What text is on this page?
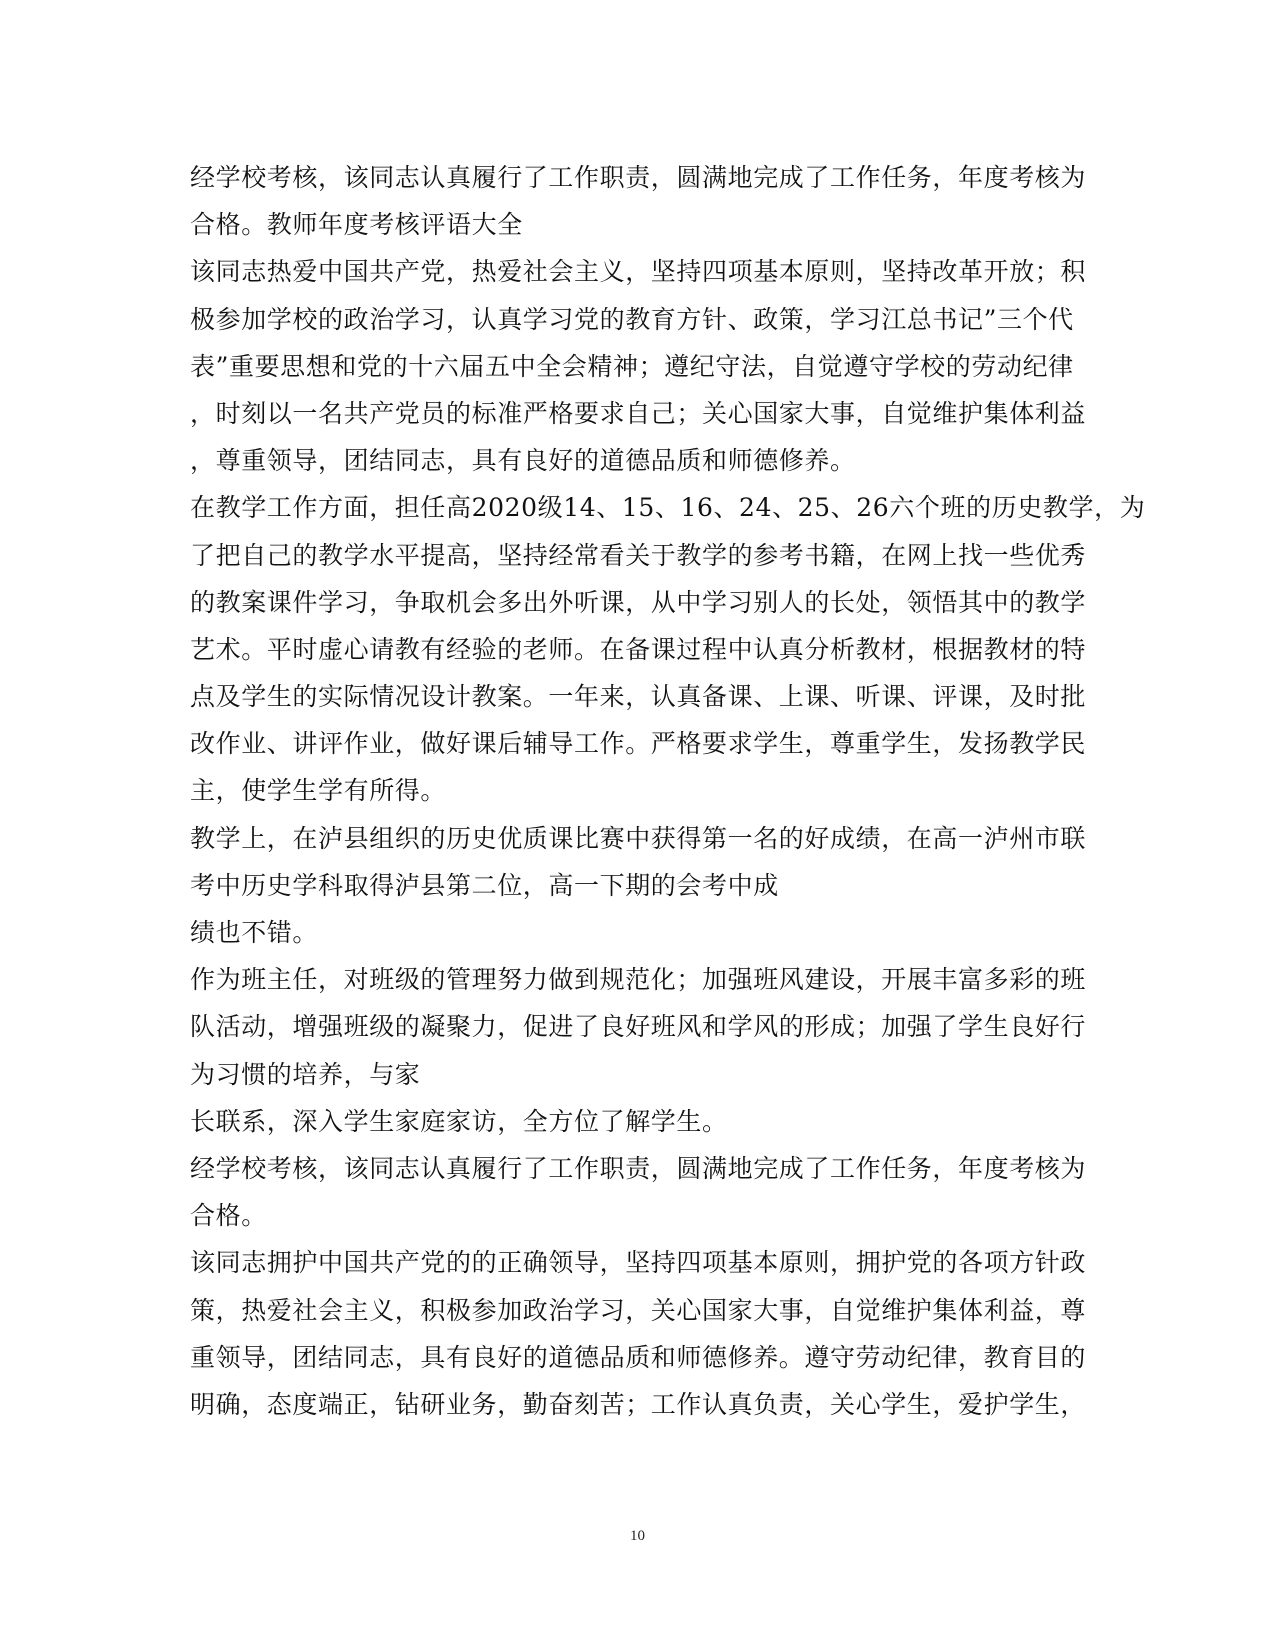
经学校考核，该同志认真履行了工作职责，圆满地完成了工作任务，年度考核为
合格。教师年度考核评语大全
该同志热爱中国共产党，热爱社会主义，坚持四项基本原则，坚持改革开放；积
极参加学校的政治学习，认真学习党的教育方针、政策，学习江总书记”三个代
表”重要思想和党的十六届五中全会精神；遵纪守法，自觉遵守学校的劳动纪律
，时刻以一名共产党员的标准严格要求自己；关心国家大事，自觉维护集体利益
，尊重领导，团结同志，具有良好的道德品质和师德修养。
在教学工作方面，担任高2020级14、15、16、24、25、26六个班的历史教学，为
了把自己的教学水平提高，坚持经常看关于教学的参考书籍，在网上找一些优秀
的教案课件学习，争取机会多出外听课，从中学习别人的长处，领悟其中的教学
艺术。平时虚心请教有经验的老师。在备课过程中认真分析教材，根据教材的特
点及学生的实际情况设计教案。一年来，认真备课、上课、听课、评课，及时批
改作业、讲评作业，做好课后辅导工作。严格要求学生，尊重学生，发扬教学民
主，使学生学有所得。
教学上，在泸县组织的历史优质课比赛中获得第一名的好成绩，在高一泸州市联
考中历史学科取得泸县第二位，高一下期的会考中成
绩也不错。
作为班主任，对班级的管理努力做到规范化；加强班风建设，开展丰富多彩的班
队活动，增强班级的凝聚力，促进了良好班风和学风的形成；加强了学生良好行
为习惯的培养，与家
长联系，深入学生家庭家访，全方位了解学生。
经学校考核，该同志认真履行了工作职责，圆满地完成了工作任务，年度考核为
合格。
该同志拥护中国共产党的的正确领导，坚持四项基本原则，拥护党的各项方针政
策，热爱社会主义，积极参加政治学习，关心国家大事，自觉维护集体利益，尊
重领导，团结同志，具有良好的道德品质和师德修养。遵守劳动纪律，教育目的
明确，态度端正，钻研业务，勤奋刻苦；工作认真负责，关心学生，爱护学生，
10
